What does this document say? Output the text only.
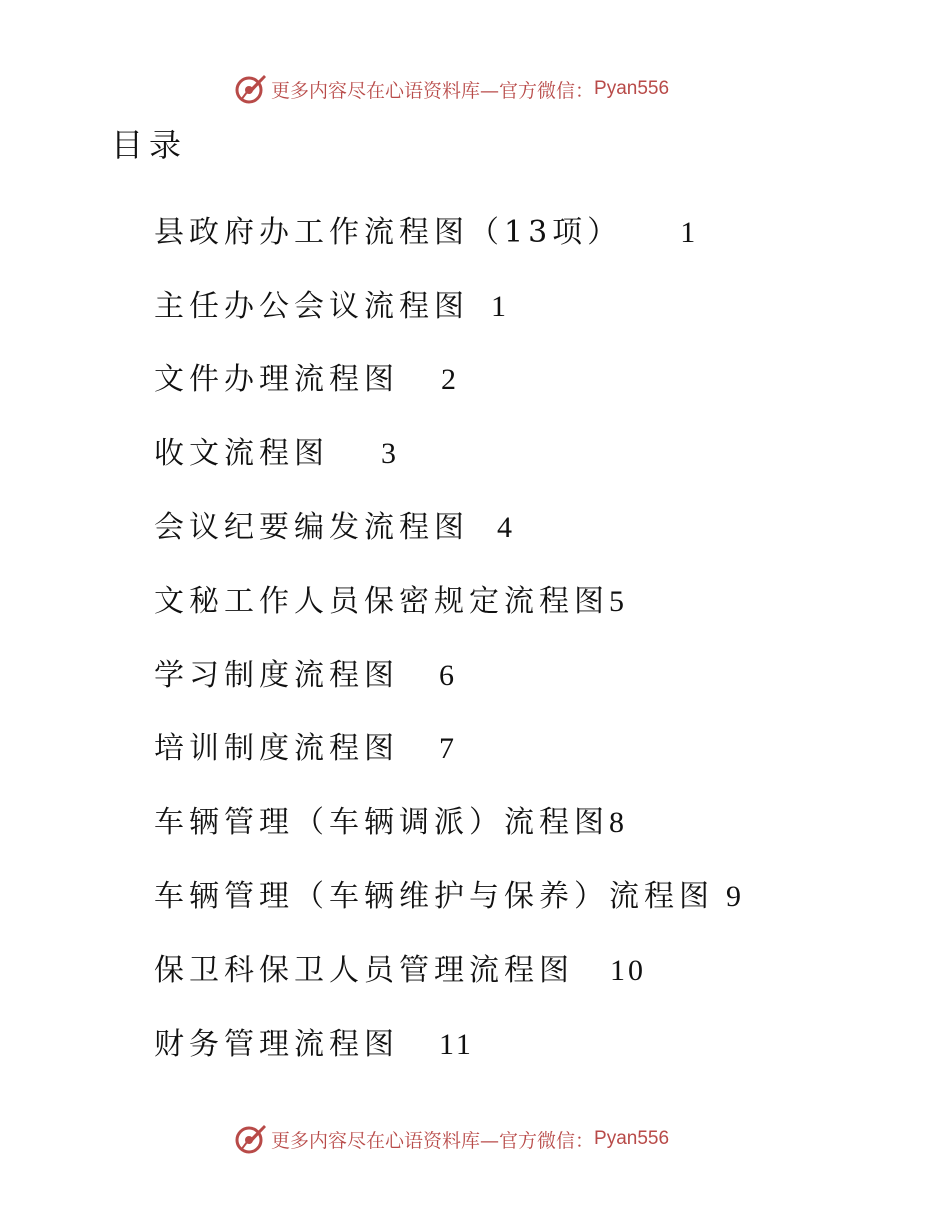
更多内容尽在心语资料库—官方微信： Pyan556
目录
县政府办工作流程图（13项） 1
主任办公会议流程图 1
文件办理流程图 2
收文流程图 3
会议纪要编发流程图 4
文秘工作人员保密规定流程图 5
学习制度流程图 6
培训制度流程图 7
车辆管理（车辆调派）流程图 8
车辆管理（车辆维护与保养）流程图 9
保卫科保卫人员管理流程图 10
财务管理流程图 11
更多内容尽在心语资料库—官方微信： Pyan556
